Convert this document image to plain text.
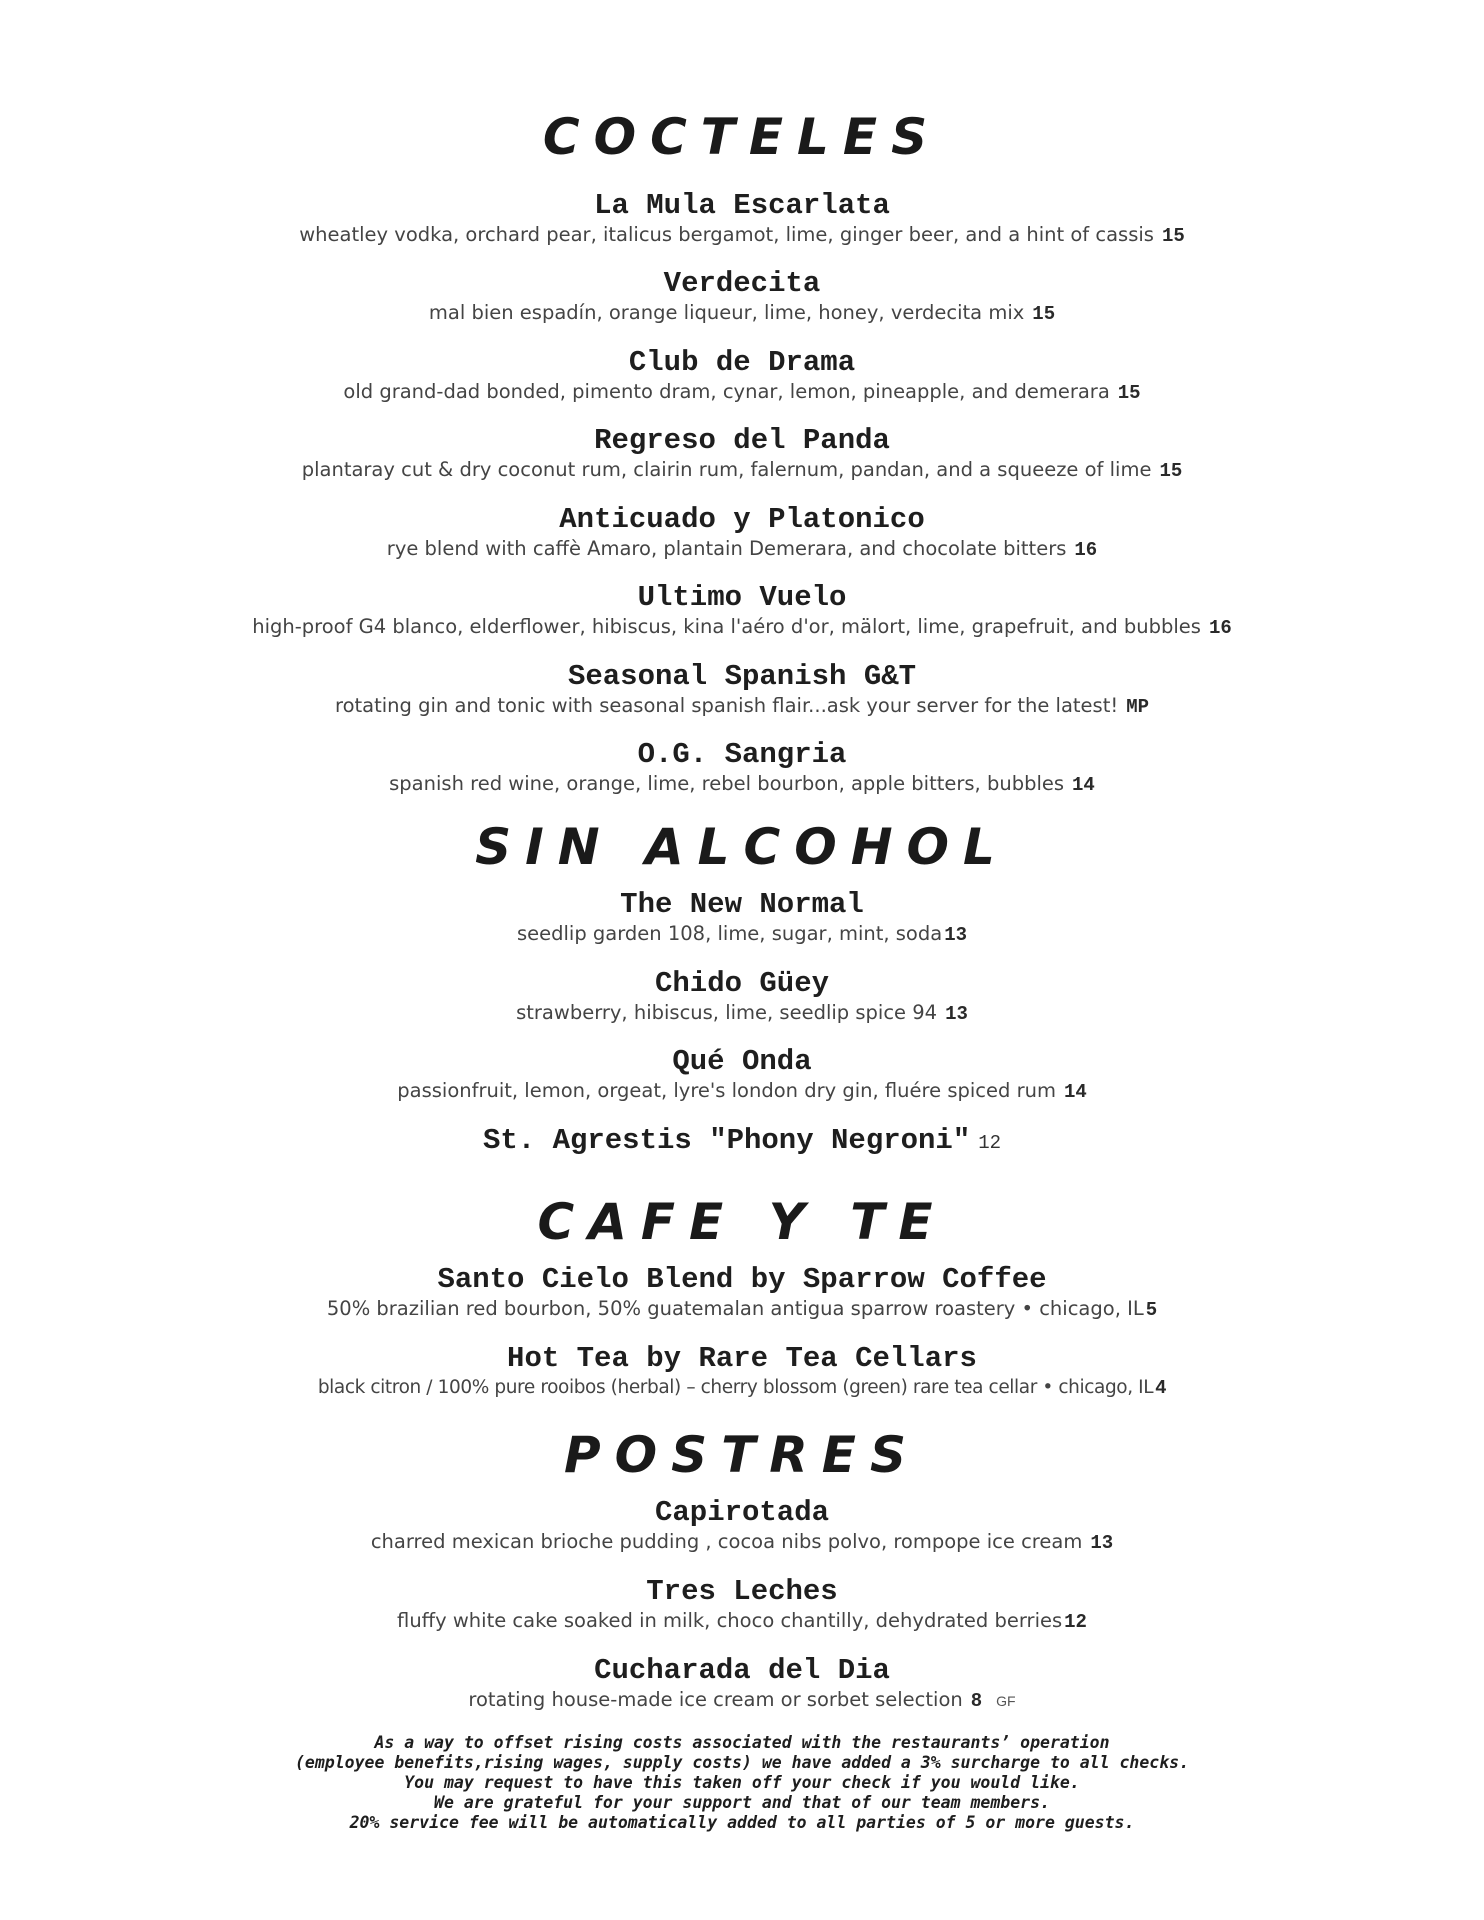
COCTELES
La Mula Escarlata
wheatley vodka, orchard pear, italicus bergamot, lime, ginger beer, and a hint of cassis 15
Verdecita
mal bien espadín, orange liqueur, lime, honey, verdecita mix 15
Club de Drama
old grand-dad bonded, pimento dram, cynar, lemon, pineapple, and demerara 15
Regreso del Panda
plantaray cut & dry coconut rum, clairin rum, falernum, pandan, and a squeeze of lime 15
Anticuado y Platonico
rye blend with caffè Amaro, plantain Demerara, and chocolate bitters 16
Ultimo Vuelo
high-proof G4 blanco, elderflower, hibiscus, kina l'aéro d'or, mälort, lime, grapefruit, and bubbles 16
Seasonal Spanish G&T
rotating gin and tonic with seasonal spanish flair...ask your server for the latest! MP
O.G. Sangria
spanish red wine, orange, lime, rebel bourbon, apple bitters, bubbles 14
SIN ALCOHOL
The New Normal
seedlip garden 108, lime, sugar, mint, soda 13
Chido Güey
strawberry, hibiscus, lime, seedlip spice 94 13
Qué Onda
passionfruit, lemon, orgeat, lyre's london dry gin, fluére spiced rum 14
St. Agrestis "Phony Negroni" 12
CAFE Y TE
Santo Cielo Blend by Sparrow Coffee
50% brazilian red bourbon, 50% guatemalan antigua sparrow roastery • chicago, IL 5
Hot Tea by Rare Tea Cellars
black citron / 100% pure rooibos (herbal) – cherry blossom (green) rare tea cellar • chicago, IL 4
POSTRES
Capirotada
charred mexican brioche pudding , cocoa nibs polvo, rompope ice cream 13
Tres Leches
fluffy white cake soaked in milk, choco chantilly, dehydrated berries 12
Cucharada del Dia
rotating house-made ice cream or sorbet selection 8 GF
As a way to offset rising costs associated with the restaurants’ operation
(employee benefits,rising wages, supply costs) we have added a 3% surcharge to all checks.
You may request to have this taken off your check if you would like.
We are grateful for your support and that of our team members.
20% service fee will be automatically added to all parties of 5 or more guests.
